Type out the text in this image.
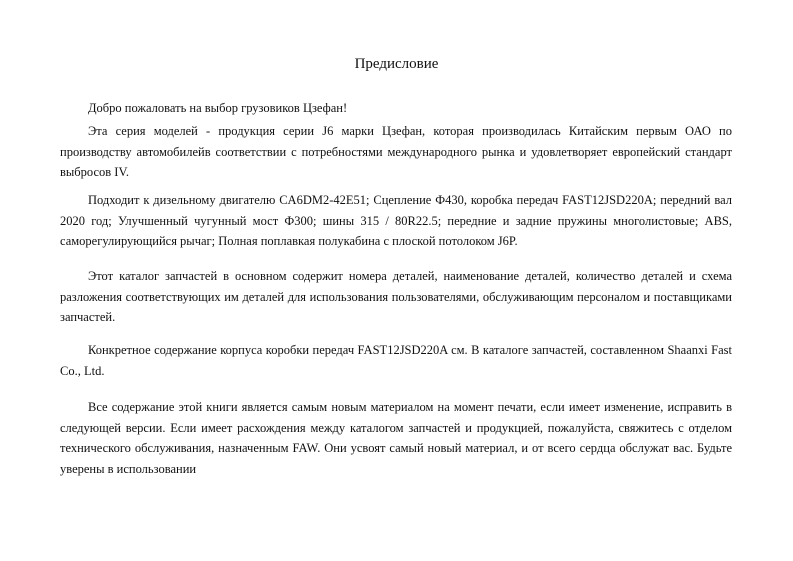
Предисловие
Добро пожаловать на выбор грузовиков Цзефан!
Эта серия моделей - продукция серии J6 марки Цзефан, которая производилась Китайским первым ОАО по производству автомобилейв соответствии с потребностями международного рынка и удовлетворяет европейский стандарт выбросов IV.
Подходит к дизельному двигателю CA6DM2-42E51; Сцепление Ф430, коробка передач FAST12JSD220A; передний вал 2020 год; Улучшенный чугунный мост Ф300; шины 315 / 80R22.5; передние и задние пружины многолистовые; ABS, саморегулирующийся рычаг; Полная поплавкая полукабина с плоской потолоком J6P.
Этот каталог запчастей в основном содержит номера деталей, наименование деталей, количество деталей и схема разложения соответствующих им деталей для использования пользователями, обслуживающим персоналом и поставщиками запчастей.
Конкретное содержание корпуса коробки передач FAST12JSD220A см. В каталоге запчастей, составленном Shaanxi Fast Co., Ltd.
Все содержание этой книги является самым новым материалом на момент печати, если имеет изменение, исправить в следующей версии. Если имеет расхождения между каталогом запчастей и продукцией, пожалуйста, свяжитесь с отделом технического обслуживания, назначенным FAW. Они усвоят самый новый материал, и от всего сердца обслужат вас. Будьте уверены в использовании
